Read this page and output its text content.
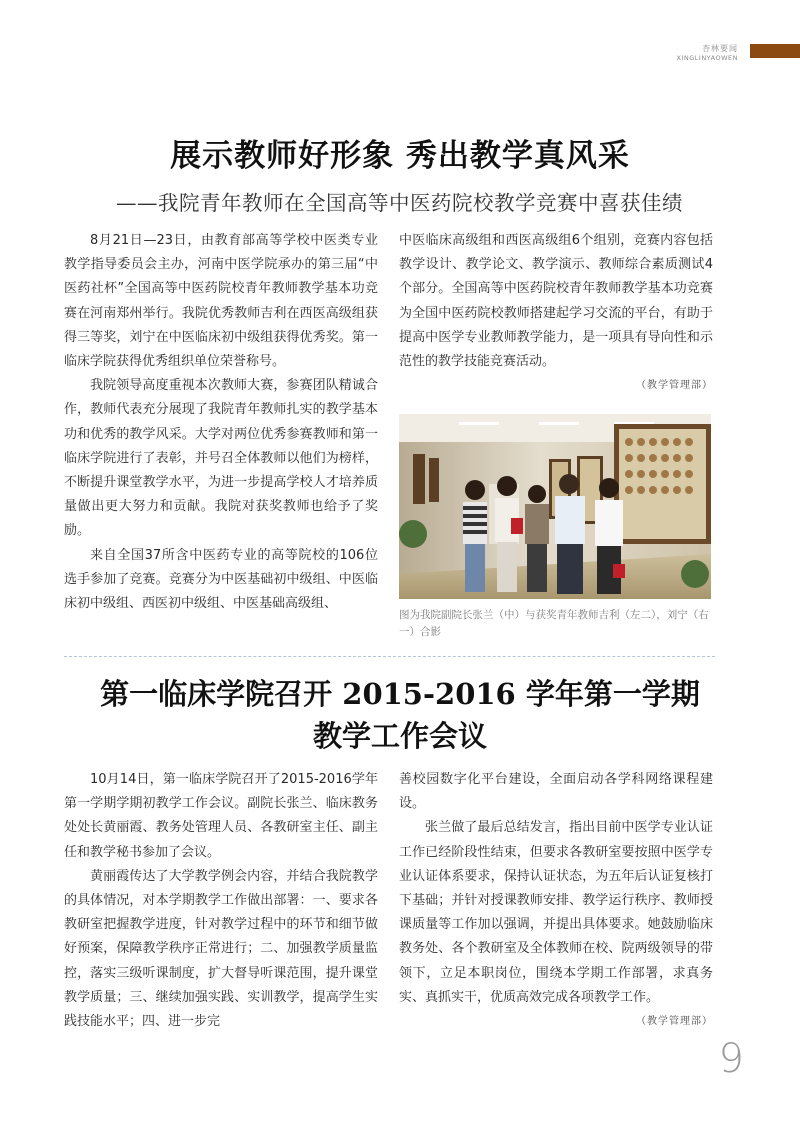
杏林要闻
XINGLINYAOWEN
展示教师好形象 秀出教学真风采
——我院青年教师在全国高等中医药院校教学竞赛中喜获佳绩

8月21日—23日，由教育部高等学校中医类专业教学指导委员会主办，河南中医学院承办的第三届“中医药社杯”全国高等中医药院校青年教师教学基本功竞赛在河南郑州举行。我院优秀教师吉利在西医高级组获得三等奖，刘宁在中医临床初中级组获得优秀奖。第一临床学院获得优秀组织单位荣誉称号。

我院领导高度重视本次教师大赛，参赛团队精诚合作，教师代表充分展现了我院青年教师扎实的教学基本功和优秀的教学风采。大学对两位优秀参赛教师和第一临床学院进行了表彰，并号召全体教师以他们为榜样，不断提升课堂教学水平，为进一步提高学校人才培养质量做出更大努力和贡献。我院对获奖教师也给予了奖励。

来自全国37所含中医药专业的高等院校的106位选手参加了竞赛。竞赛分为中医基础初中级组、中医临床初中级组、西医初中级组、中医基础高级组、

中医临床高级组和西医高级组6个组别，竞赛内容包括教学设计、教学论文、教学演示、教师综合素质测试4个部分。全国高等中医药院校青年教师教学基本功竞赛为全国中医药院校教师搭建起学习交流的平台，有助于提高中医学专业教师教学能力，是一项具有导向性和示范性的教学技能竞赛活动。

（教学管理部）

图为我院副院长张兰（中）与获奖青年教师吉利（左二），刘宁（右一）合影
第一临床学院召开 2015-2016 学年第一学期
教学工作会议

10月14日，第一临床学院召开了2015-2016学年第一学期学期初教学工作会议。副院长张兰、临床教务处处长黄丽霞、教务处管理人员、各教研室主任、副主任和教学秘书参加了会议。

黄丽霞传达了大学教学例会内容，并结合我院教学的具体情况，对本学期教学工作做出部署：一、要求各教研室把握教学进度，针对教学过程中的环节和细节做好预案，保障教学秩序正常进行；二、加强教学质量监控，落实三级听课制度，扩大督导听课范围，提升课堂教学质量；三、继续加强实践、实训教学，提高学生实践技能水平；四、进一步完

善校园数字化平台建设，全面启动各学科网络课程建设。

张兰做了最后总结发言，指出目前中医学专业认证工作已经阶段性结束，但要求各教研室要按照中医学专业认证体系要求，保持认证状态，为五年后认证复核打下基础；并针对授课教师安排、教学运行秩序、教师授课质量等工作加以强调，并提出具体要求。她鼓励临床教务处、各个教研室及全体教师在校、院两级领导的带领下，立足本职岗位，围绕本学期工作部署，求真务实、真抓实干，优质高效完成各项教学工作。

（教学管理部）

9
